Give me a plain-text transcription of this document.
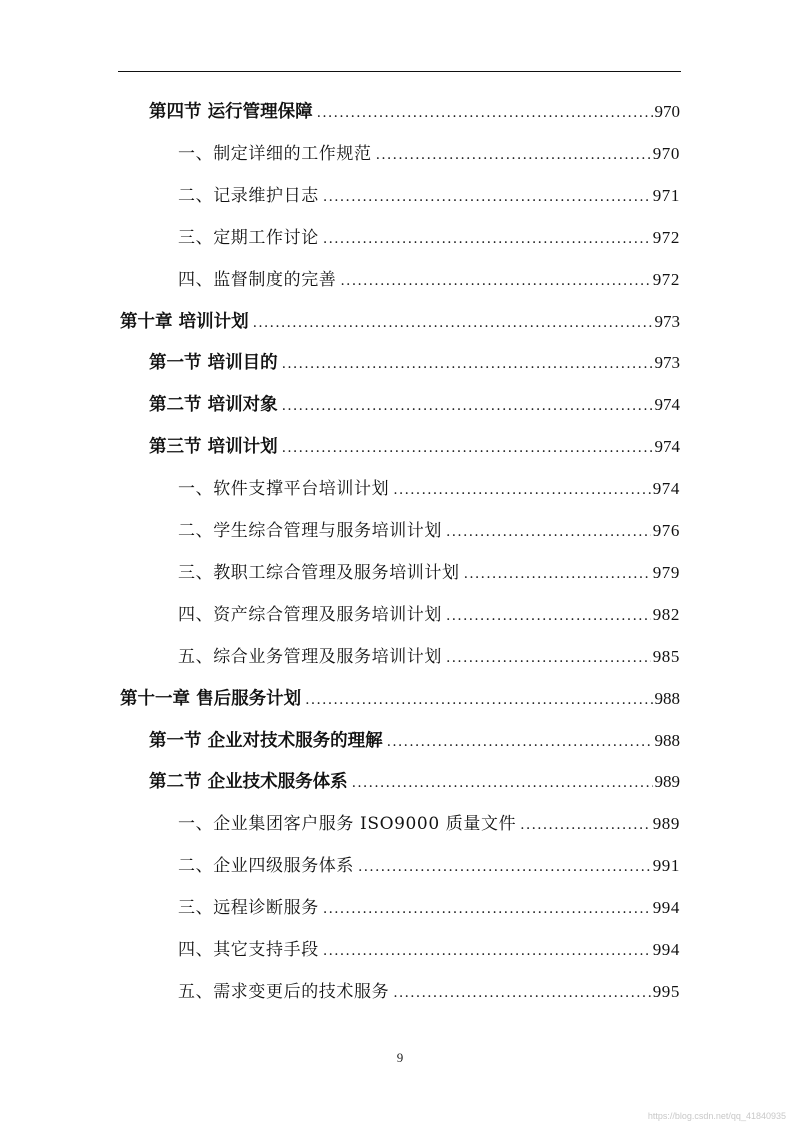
第四节 运行管理保障 .....	970
一、制定详细的工作规范 .....	970
二、记录维护日志 .....	971
三、定期工作讨论 .....	972
四、监督制度的完善 .....	972
第十章 培训计划 .....	973
第一节 培训目的 .....	973
第二节 培训对象 .....	974
第三节 培训计划 .....	974
一、软件支撑平台培训计划 .....	974
二、学生综合管理与服务培训计划 .....	976
三、教职工综合管理及服务培训计划 .....	979
四、资产综合管理及服务培训计划 .....	982
五、综合业务管理及服务培训计划 .....	985
第十一章 售后服务计划 .....	988
第一节 企业对技术服务的理解 .....	988
第二节 企业技术服务体系 .....	989
一、企业集团客户服务 ISO9000 质量文件 .....	989
二、企业四级服务体系 .....	991
三、远程诊断服务 .....	994
四、其它支持手段 .....	994
五、需求变更后的技术服务 .....	995
9
https://blog.csdn.net/qq_41840935
